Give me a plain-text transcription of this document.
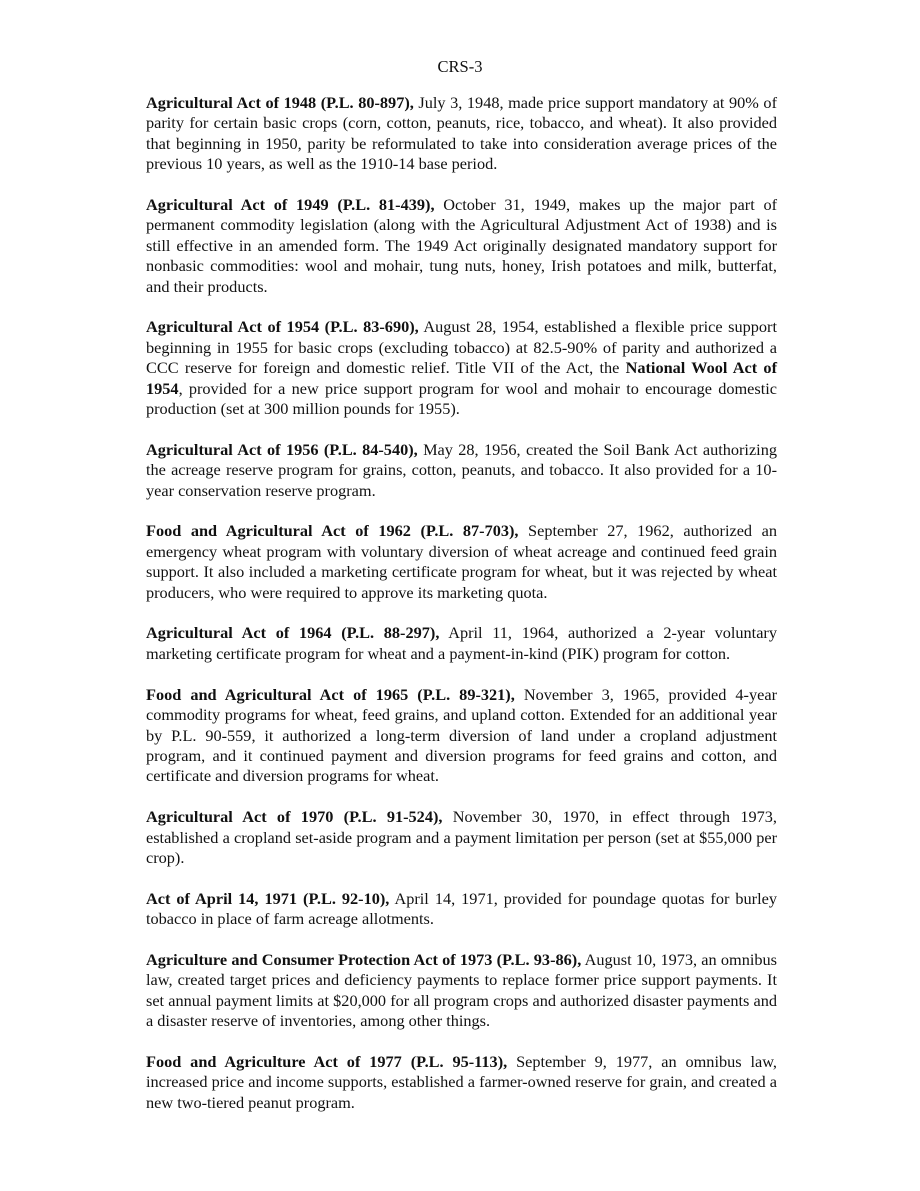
CRS-3

Agricultural Act of 1948 (P.L. 80-897), July 3, 1948, made price support mandatory at 90% of parity for certain basic crops (corn, cotton, peanuts, rice, tobacco, and wheat). It also provided that beginning in 1950, parity be reformulated to take into consideration average prices of the previous 10 years, as well as the 1910-14 base period.

Agricultural Act of 1949 (P.L. 81-439), October 31, 1949, makes up the major part of permanent commodity legislation (along with the Agricultural Adjustment Act of 1938) and is still effective in an amended form. The 1949 Act originally designated mandatory support for nonbasic commodities: wool and mohair, tung nuts, honey, Irish potatoes and milk, butterfat, and their products.

Agricultural Act of 1954 (P.L. 83-690), August 28, 1954, established a flexible price support beginning in 1955 for basic crops (excluding tobacco) at 82.5-90% of parity and authorized a CCC reserve for foreign and domestic relief. Title VII of the Act, the National Wool Act of 1954, provided for a new price support program for wool and mohair to encourage domestic production (set at 300 million pounds for 1955).

Agricultural Act of 1956 (P.L. 84-540), May 28, 1956, created the Soil Bank Act authorizing the acreage reserve program for grains, cotton, peanuts, and tobacco. It also provided for a 10-year conservation reserve program.

Food and Agricultural Act of 1962 (P.L. 87-703), September 27, 1962, authorized an emergency wheat program with voluntary diversion of wheat acreage and continued feed grain support. It also included a marketing certificate program for wheat, but it was rejected by wheat producers, who were required to approve its marketing quota.

Agricultural Act of 1964 (P.L. 88-297), April 11, 1964, authorized a 2-year voluntary marketing certificate program for wheat and a payment-in-kind (PIK) program for cotton.

Food and Agricultural Act of 1965 (P.L. 89-321), November 3, 1965, provided 4-year commodity programs for wheat, feed grains, and upland cotton. Extended for an additional year by P.L. 90-559, it authorized a long-term diversion of land under a cropland adjustment program, and it continued payment and diversion programs for feed grains and cotton, and certificate and diversion programs for wheat.

Agricultural Act of 1970 (P.L. 91-524), November 30, 1970, in effect through 1973, established a cropland set-aside program and a payment limitation per person (set at $55,000 per crop).

Act of April 14, 1971 (P.L. 92-10), April 14, 1971, provided for poundage quotas for burley tobacco in place of farm acreage allotments.

Agriculture and Consumer Protection Act of 1973 (P.L. 93-86), August 10, 1973, an omnibus law, created target prices and deficiency payments to replace former price support payments. It set annual payment limits at $20,000 for all program crops and authorized disaster payments and a disaster reserve of inventories, among other things.

Food and Agriculture Act of 1977 (P.L. 95-113), September 9, 1977, an omnibus law, increased price and income supports, established a farmer-owned reserve for grain, and created a new two-tiered peanut program.
